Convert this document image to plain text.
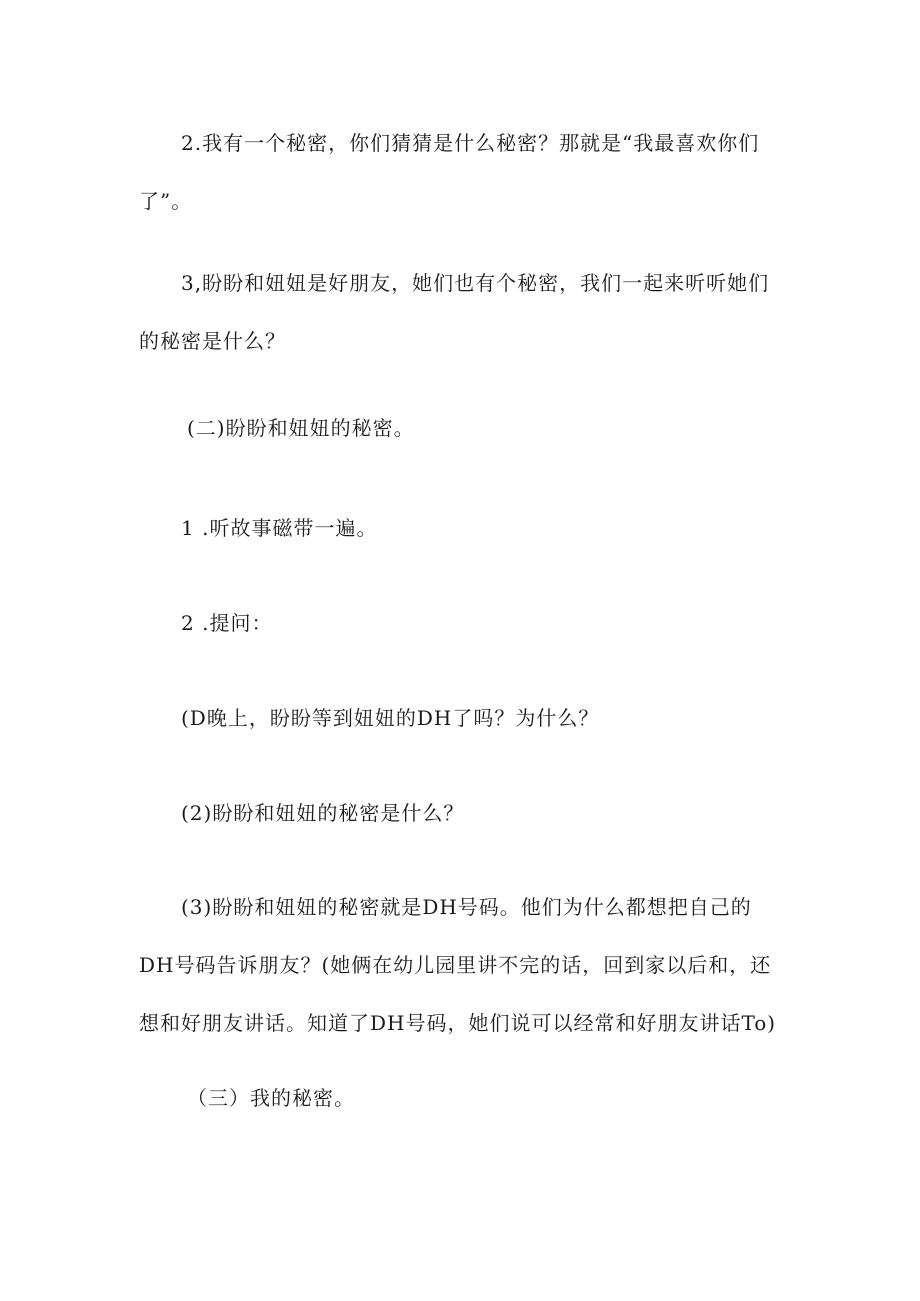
2.我有一个秘密，你们猜猜是什么秘密？那就是“我最喜欢你们了”。

3,盼盼和妞妞是好朋友，她们也有个秘密，我们一起来听听她们的秘密是什么？

(二)盼盼和妞妞的秘密。

1 .听故事磁带一遍。

2 .提问：

(D晚上，盼盼等到妞妞的DH了吗？为什么？

(2)盼盼和妞妞的秘密是什么？

(3)盼盼和妞妞的秘密就是DH号码。他们为什么都想把自己的DH号码告诉朋友？(她俩在幼儿园里讲不完的话，回到家以后和，还想和好朋友讲话。知道了DH号码，她们说可以经常和好朋友讲话To)

（三）我的秘密。
